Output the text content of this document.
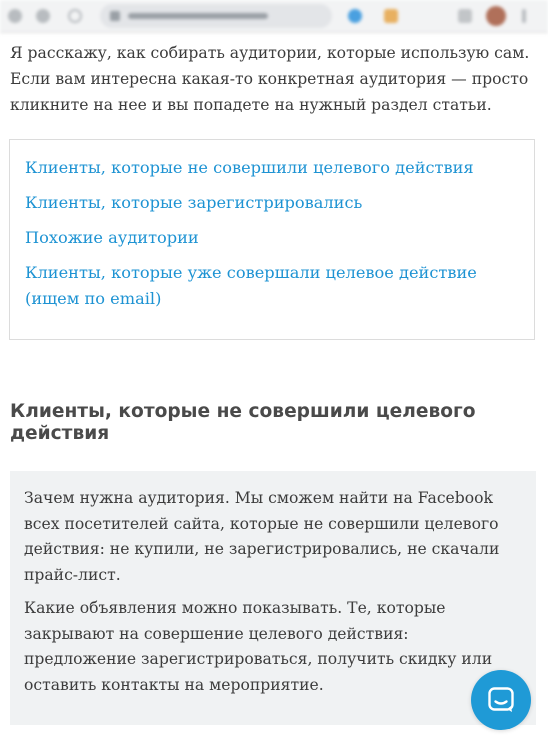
Я расскажу, как собирать аудитории, которые использую сам. Если вам интересна какая-то конкретная аудитория — просто кликните на нее и вы попадете на нужный раздел статьи.

Клиенты, которые не совершили целевого действия
Клиенты, которые зарегистрировались
Похожие аудитории
Клиенты, которые уже совершали целевое действие (ищем по email)
Клиенты, которые не совершили целевого действия

Зачем нужна аудитория. Мы сможем найти на Facebook всех посетителей сайта, которые не совершили целевого действия: не купили, не зарегистрировались, не скачали прайс-лист.

Какие объявления можно показывать. Те, которые закрывают на совершение целевого действия: предложение зарегистрироваться, получить скидку или оставить контакты на мероприятие.
